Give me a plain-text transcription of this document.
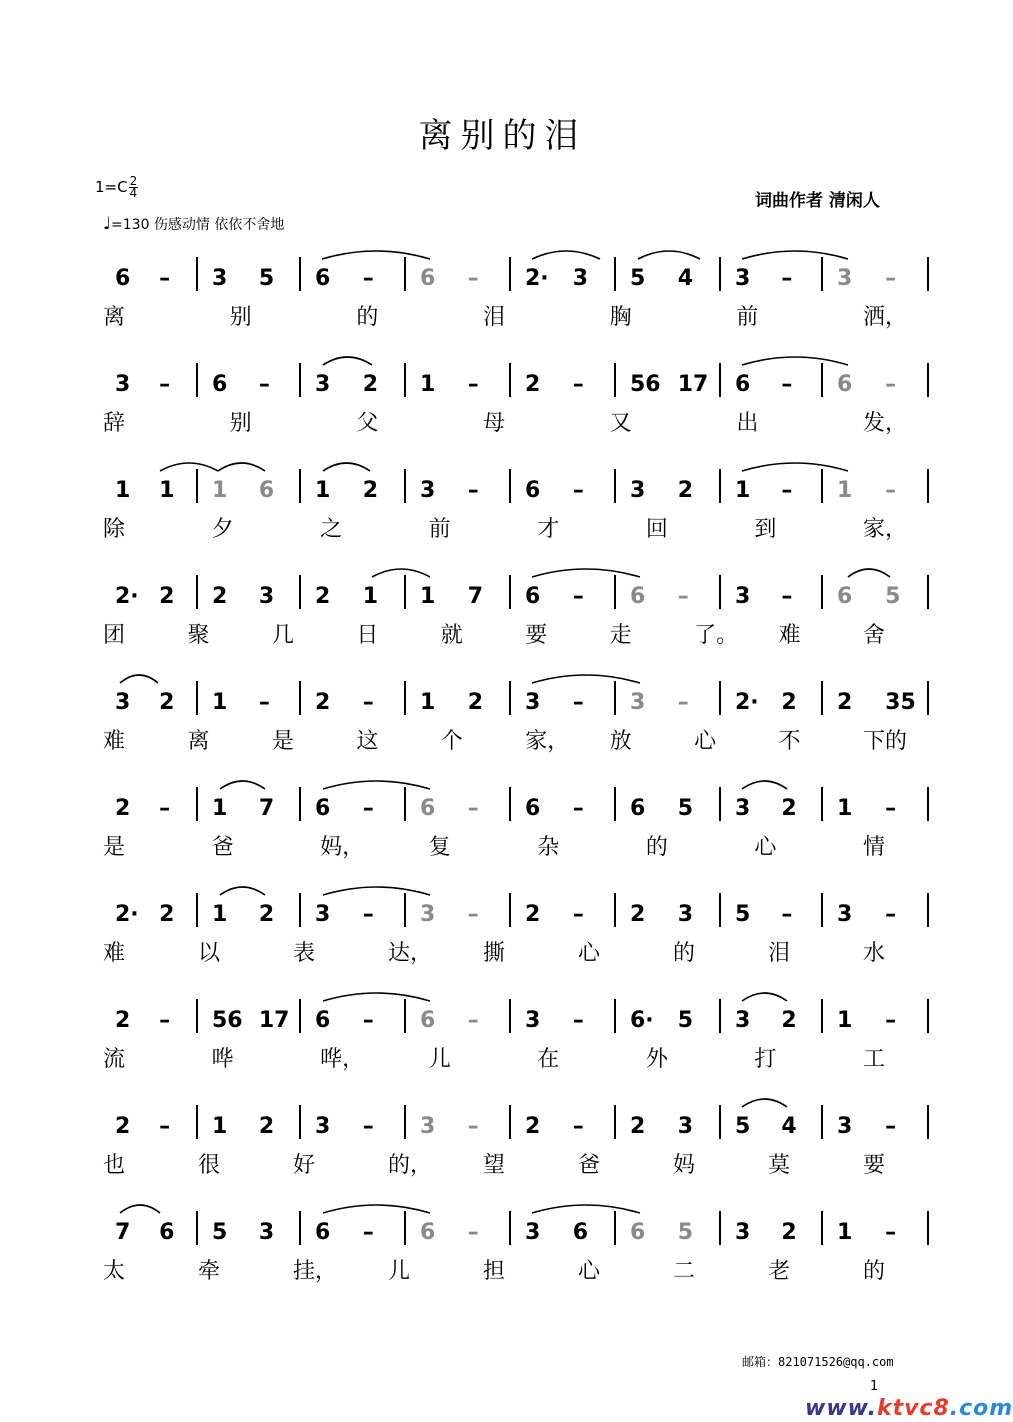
离别的泪
$1=C \frac{2}{4}$
词曲作者 清闲人
♩=130 伤感动情 依依不舍地
6 – 3 5 6 – 6 – 2· 3 5 4 3 – 3 –
3 – 6 – 3 2 1 – 2 – 56 17 6 – 6 –
1 1 1 6 1 2 3 – 6 – 3 2 1 – 1 –
2· 2 2 3 2 1 1 7 6 – 6 – 3 – 6 5
3 2 1 – 2 – 1 2 3 – 3 – 2· 2 2 35
2 – 1 7 6 – 6 – 6 – 6 5 3 2 1 –
2· 2 1 2 3 – 3 – 2 – 2 3 5 – 3 –
2 – 56 17 6 – 6 – 3 – 6· 5 3 2 1 –
2 – 1 2 3 – 3 – 2 – 2 3 5 4 3 –
7 6 5 3 6 – 6 – 3 6 6 5 3 2 1 –
离	别	的	泪	胸	前	洒，
辞	别	父	母	又	出	发，
除	夕	之	前	才	回	到	家，
团	聚	几	日	就	要	走	了。 难	舍
难	离	是	这	个	家， 放	心	不	下的
是	爸	妈，	复	杂	的	心	情
难	以	表	达， 撕	心	的	泪	水
流	哗	哗，	儿	在	外	打	工
也	很	好	的， 望	爸	妈	莫	要
太	牵	挂， 儿	担	心	二	老	的
邮箱：821071526@qq.com
1
www.ktvc8.com
